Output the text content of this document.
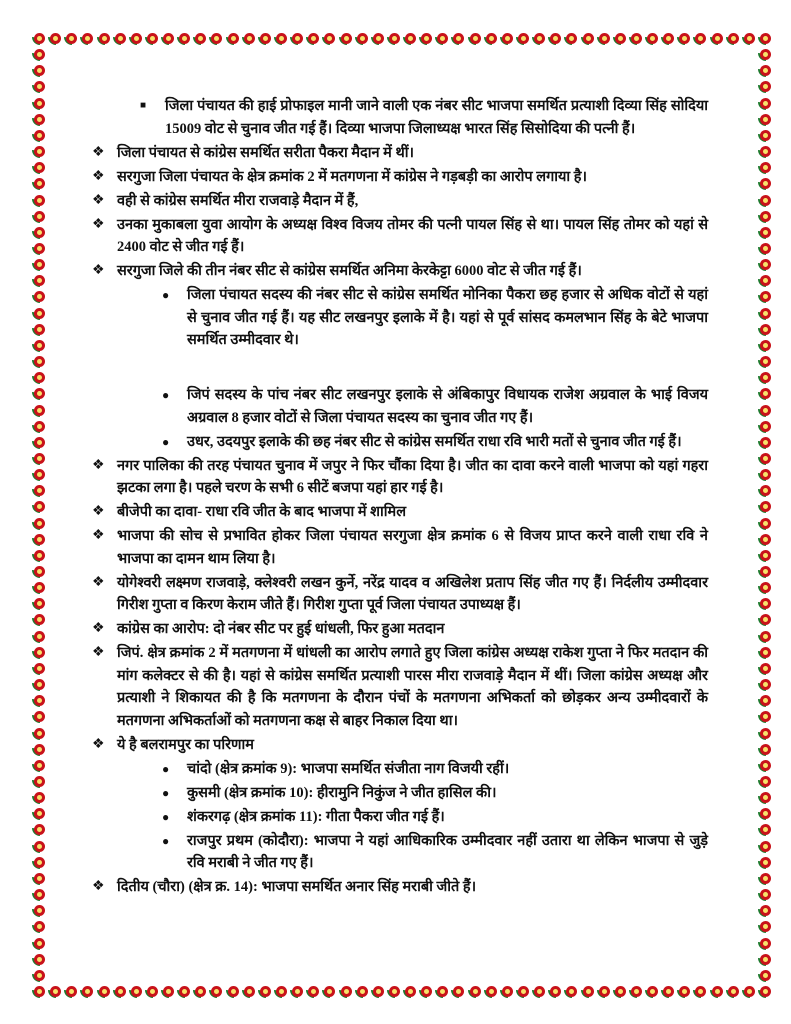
■ जिला पंचायत की हाई प्रोफाइल मानी जाने वाली एक नंबर सीट भाजपा समर्थित प्रत्याशी दिव्या सिंह सोदिया 15009 वोट से चुनाव जीत गई हैं। दिव्या भाजपा जिलाध्यक्ष भारत सिंह सिसोदिया की पत्नी हैं।
❖ जिला पंचायत से कांग्रेस समर्थित सरीता पैकरा मैदान में थीं।
❖ सरगुजा जिला पंचायत के क्षेत्र क्रमांक 2 में मतगणना में कांग्रेस ने गड़बड़ी का आरोप लगाया है।
❖ वही से कांग्रेस समर्थित मीरा राजवाड़े मैदान में हैं,
❖ उनका मुकाबला युवा आयोग के अध्यक्ष विश्व विजय तोमर की पत्नी पायल सिंह से था। पायल सिंह तोमर को यहां से 2400 वोट से जीत गई हैं।
❖ सरगुजा जिले की तीन नंबर सीट से कांग्रेस समर्थित अनिमा केरकेट्टा 6000 वोट से जीत गई हैं।
● जिला पंचायत सदस्य की नंबर सीट से कांग्रेस समर्थित मोनिका पैकरा छह हजार से अधिक वोटों से यहां से चुनाव जीत गई हैं। यह सीट लखनपुर इलाके में है। यहां से पूर्व सांसद कमलभान सिंह के बेटे भाजपा समर्थित उम्मीदवार थे।
● जिपं सदस्य के पांच नंबर सीट लखनपुर इलाके से अंबिकापुर विधायक राजेश अग्रवाल के भाई विजय अग्रवाल 8 हजार वोटों से जिला पंचायत सदस्य का चुनाव जीत गए हैं।
● उधर, उदयपुर इलाके की छह नंबर सीट से कांग्रेस समर्थित राधा रवि भारी मतों से चुनाव जीत गई हैं।
❖ नगर पालिका की तरह पंचायत चुनाव में जपुर ने फिर चौंका दिया है। जीत का दावा करने वाली भाजपा को यहां गहरा झटका लगा है। पहले चरण के सभी 6 सीटें बजपा यहां हार गई है।
❖ बीजेपी का दावा- राधा रवि जीत के बाद भाजपा में शामिल
❖ भाजपा की सोच से प्रभावित होकर जिला पंचायत सरगुजा क्षेत्र क्रमांक 6 से विजय प्राप्त करने वाली राधा रवि ने भाजपा का दामन थाम लिया है।
❖ योगेश्वरी लक्ष्मण राजवाड़े, क्लेश्वरी लखन कुर्ने, नरेंद्र यादव व अखिलेश प्रताप सिंह जीत गए हैं। निर्दलीय उम्मीदवार गिरीश गुप्ता व किरण केराम जीते हैं। गिरीश गुप्ता पूर्व जिला पंचायत उपाध्यक्ष हैं।
❖ कांग्रेस का आरोप: दो नंबर सीट पर हुई धांधली, फिर हुआ मतदान
❖ जिपं. क्षेत्र क्रमांक 2 में मतगणना में धांधली का आरोप लगाते हुए जिला कांग्रेस अध्यक्ष राकेश गुप्ता ने फिर मतदान की मांग कलेक्टर से की है। यहां से कांग्रेस समर्थित प्रत्याशी पारस मीरा राजवाड़े मैदान में थीं। जिला कांग्रेस अध्यक्ष और प्रत्याशी ने शिकायत की है कि मतगणना के दौरान पंचों के मतगणना अभिकर्ता को छोड़कर अन्य उम्मीदवारों के मतगणना अभिकर्ताओं को मतगणना कक्ष से बाहर निकाल दिया था।
❖ ये है बलरामपुर का परिणाम
● चांदो (क्षेत्र क्रमांक 9): भाजपा समर्थित संजीता नाग विजयी रहीं।
● कुसमी (क्षेत्र क्रमांक 10): हीरामुनि निकुंज ने जीत हासिल की।
● शंकरगढ़ (क्षेत्र क्रमांक 11): गीता पैकरा जीत गई हैं।
● राजपुर प्रथम (कोदौरा): भाजपा ने यहां आधिकारिक उम्मीदवार नहीं उतारा था लेकिन भाजपा से जुड़े रवि मराबी ने जीत गए हैं।
❖ दितीय (चौरा) (क्षेत्र क्र. 14): भाजपा समर्थित अनार सिंह मराबी जीते हैं।
